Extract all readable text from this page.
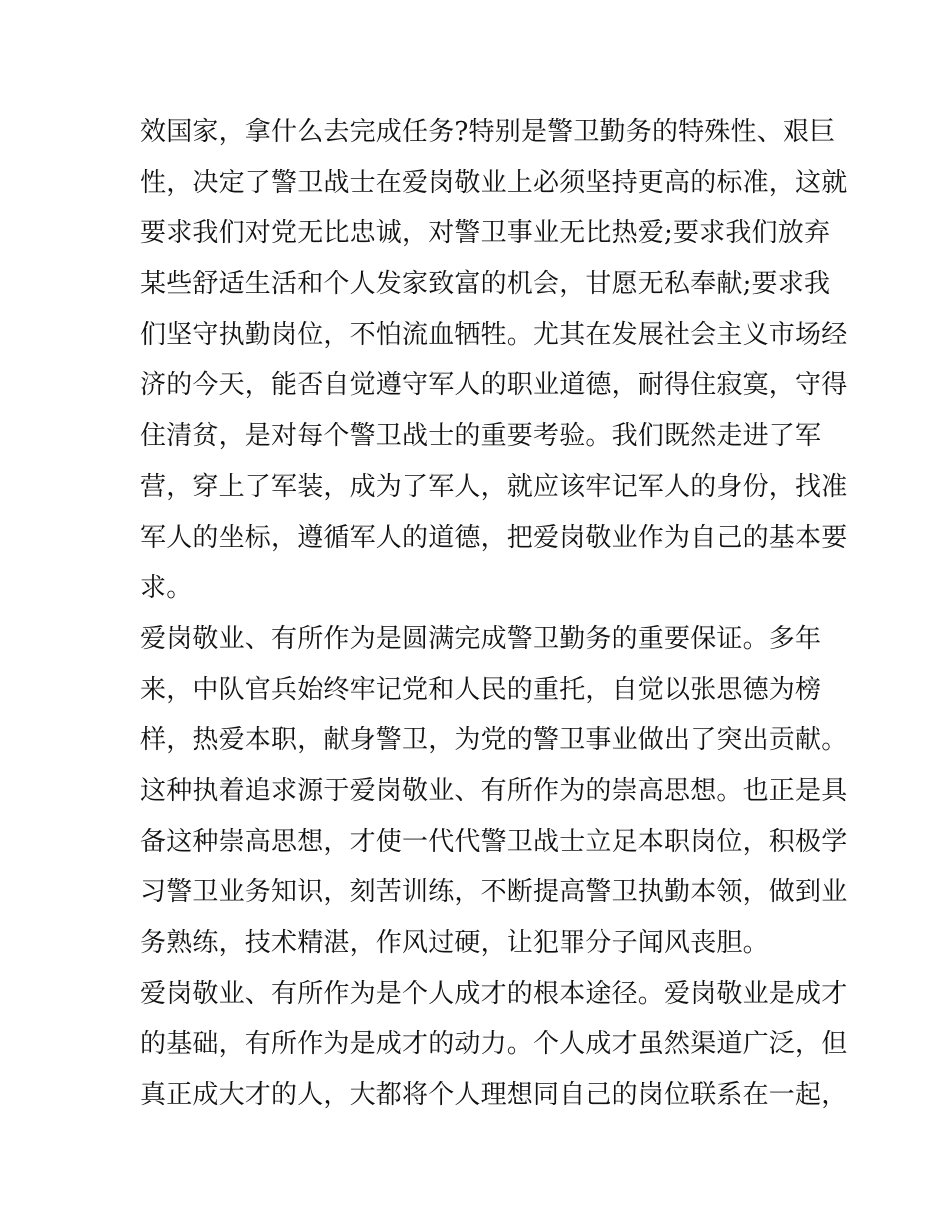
效国家，拿什么去完成任务?特别是警卫勤务的特殊性、艰巨
性，决定了警卫战士在爱岗敬业上必须坚持更高的标准，这就
要求我们对党无比忠诚，对警卫事业无比热爱;要求我们放弃
某些舒适生活和个人发家致富的机会，甘愿无私奉献;要求我
们坚守执勤岗位，不怕流血牺牲。尤其在发展社会主义市场经
济的今天，能否自觉遵守军人的职业道德，耐得住寂寞，守得
住清贫，是对每个警卫战士的重要考验。我们既然走进了军
营，穿上了军装，成为了军人，就应该牢记军人的身份，找准
军人的坐标，遵循军人的道德，把爱岗敬业作为自己的基本要
求。
爱岗敬业、有所作为是圆满完成警卫勤务的重要保证。多年
来，中队官兵始终牢记党和人民的重托，自觉以张思德为榜
样，热爱本职，献身警卫，为党的警卫事业做出了突出贡献。
这种执着追求源于爱岗敬业、有所作为的崇高思想。也正是具
备这种崇高思想，才使一代代警卫战士立足本职岗位，积极学
习警卫业务知识，刻苦训练，不断提高警卫执勤本领，做到业
务熟练，技术精湛，作风过硬，让犯罪分子闻风丧胆。
爱岗敬业、有所作为是个人成才的根本途径。爱岗敬业是成才
的基础，有所作为是成才的动力。个人成才虽然渠道广泛，但
真正成大才的人，大都将个人理想同自己的岗位联系在一起，
